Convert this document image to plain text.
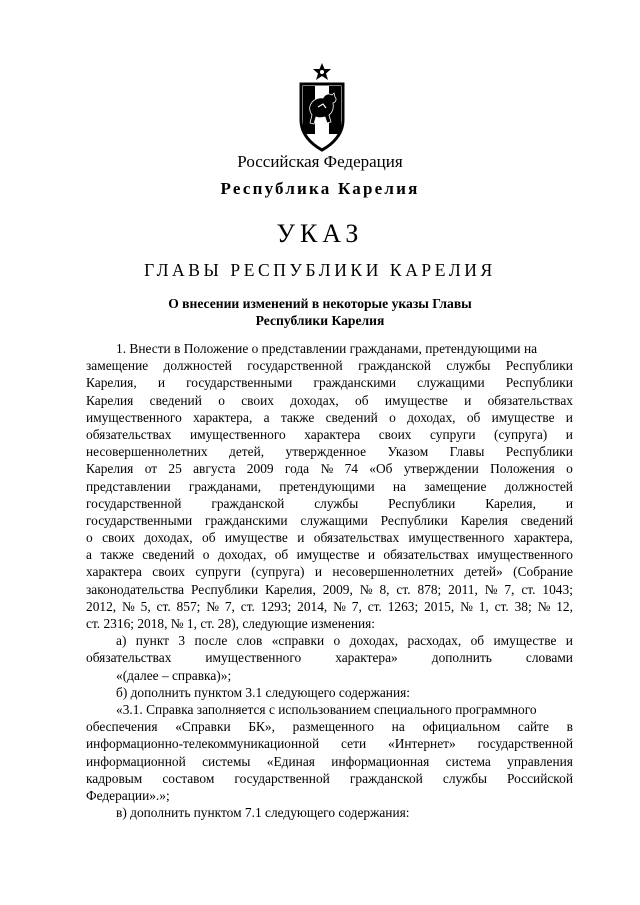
Российская Федерация
Республика Карелия
УКАЗ
ГЛАВЫ РЕСПУБЛИКИ КАРЕЛИЯ
О внесении изменений в некоторые указы Главы
Республики Карелия
1. Внести в Положение о представлении гражданами, претендующими на
замещение должностей государственной гражданской службы Республики
Карелия, и государственными гражданскими служащими Республики
Карелия сведений о своих доходах, об имуществе и обязательствах
имущественного характера, а также сведений о доходах, об имуществе и
обязательствах имущественного характера своих супруги (супруга) и
несовершеннолетних детей, утвержденное Указом Главы Республики
Карелия от 25 августа 2009 года № 74 «Об утверждении Положения о
представлении гражданами, претендующими на замещение должностей
государственной гражданской службы Республики Карелия, и
государственными гражданскими служащими Республики Карелия сведений
о своих доходах, об имуществе и обязательствах имущественного характера,
а также сведений о доходах, об имуществе и обязательствах имущественного
характера своих супруги (супруга) и несовершеннолетних детей» (Собрание
законодательства Республики Карелия, 2009, № 8, ст. 878; 2011, № 7, ст. 1043;
2012, № 5, ст. 857; № 7, ст. 1293; 2014, № 7, ст. 1263; 2015, № 1, ст. 38; № 12,
ст. 2316; 2018, № 1, ст. 28), следующие изменения:
а) пункт 3 после слов «справки о доходах, расходах, об имуществе и
обязательствах	имущественного	характера»	дополнить	словами
«(далее – справка)»;
б) дополнить пунктом 3.1 следующего содержания:
«3.1. Справка заполняется с использованием специального программного
обеспечения «Справки БК», размещенного на официальном сайте в
информационно-телекоммуникационной сети «Интернет» государственной
информационной системы «Единая информационная система управления
кадровым составом государственной гражданской службы Российской
Федерации».»;
в) дополнить пунктом 7.1 следующего содержания:
